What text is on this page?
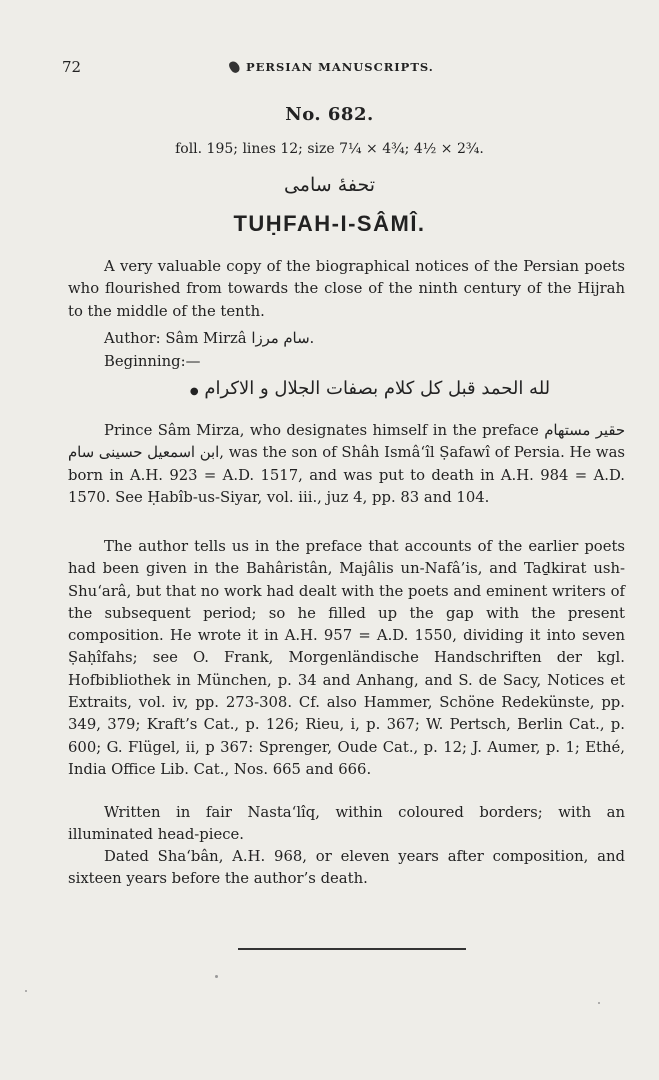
72	PERSIAN MANUSCRIPTS.
No. 682.
foll. 195; lines 12; size 7¼ × 4¾; 4½ × 2¾.
تحفهٔ سامی
TUḤFAH-I-SÂMÎ.
A very valuable copy of the biographical notices of the Persian poets who flourished from towards the close of the ninth century of the Hijrah to the middle of the tenth.
Author: Sâm Mirzâ سام مرزا.
Beginning:—
لله الحمد قبل كل كلام بصفات الجلال و الاكرام ●
Prince Sâm Mirza, who designates himself in the preface حقیر مستهام ابن اسمعیل حسینی سام, was the son of Shâh Ismâ‘îl Ṣafawî of Persia. He was born in A.H. 923 = A.D. 1517, and was put to death in A.H. 984 = A.D. 1570. See Ḥabîb-us-Siyar, vol. iii., juz 4, pp. 83 and 104.
The author tells us in the preface that accounts of the earlier poets had been given in the Bahâristân, Majâlis un-Nafâ’is, and Taḏkirat ush-Shu‘arâ, but that no work had dealt with the poets and eminent writers of the subsequent period; so he filled up the gap with the present composition. He wrote it in A.H. 957 = A.D. 1550, dividing it into seven Ṣaḥîfahs; see O. Frank, Morgenländische Handschriften der kgl. Hofbibliothek in München, p. 34 and Anhang, and S. de Sacy, Notices et Extraits, vol. iv, pp. 273-308. Cf. also Hammer, Schöne Redekünste, pp. 349, 379; Kraft’s Cat., p. 126; Rieu, i, p. 367; W. Pertsch, Berlin Cat., p. 600; G. Flügel, ii, p 367: Sprenger, Oude Cat., p. 12; J. Aumer, p. 1; Ethé, India Office Lib. Cat., Nos. 665 and 666.
Written in fair Nasta‘lîq, within coloured borders; with an illuminated head-piece.
Dated Sha‘bân, A.H. 968, or eleven years after composition, and sixteen years before the author’s death.
